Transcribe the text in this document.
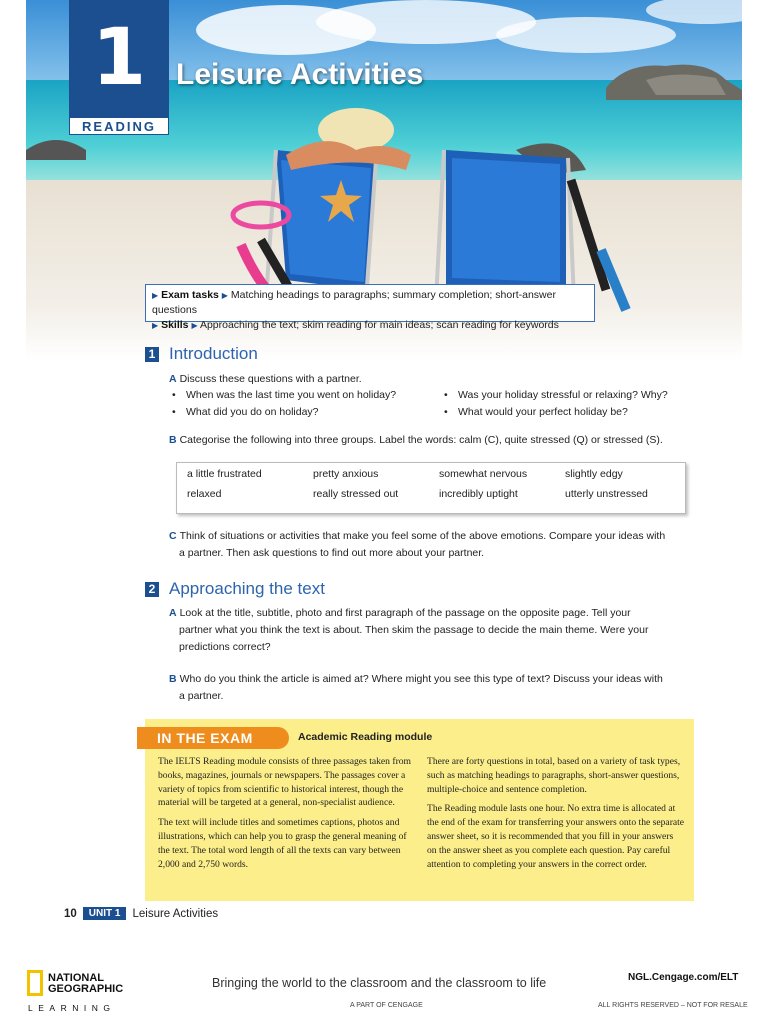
1
READING
Leisure Activities
▶ Exam tasks ▶ Matching headings to paragraphs; summary completion; short-answer questions
▶ Skills ▶ Approaching the text; skim reading for main ideas; scan reading for keywords
1 Introduction
A Discuss these questions with a partner.
• When was the last time you went on holiday?
• What did you do on holiday?
• Was your holiday stressful or relaxing? Why?
• What would your perfect holiday be?
B Categorise the following into three groups. Label the words: calm (C), quite stressed (Q) or stressed (S).
a little frustrated	pretty anxious	somewhat nervous	slightly edgy
relaxed	really stressed out	incredibly uptight	utterly unstressed
C Think of situations or activities that make you feel some of the above emotions. Compare your ideas with
a partner. Then ask questions to find out more about your partner.
2 Approaching the text
A Look at the title, subtitle, photo and first paragraph of the passage on the opposite page. Tell your
partner what you think the text is about. Then skim the passage to decide the main theme. Were your
predictions correct?
B Who do you think the article is aimed at? Where might you see this type of text? Discuss your ideas with
a partner.
IN THE EXAM	Academic Reading module

The IELTS Reading module consists of three passages taken from books, magazines, journals or newspapers. The passages cover a variety of topics from scientific to historical interest, though the material will be targeted at a general, non-specialist audience.

The text will include titles and sometimes captions, photos and illustrations, which can help you to grasp the general meaning of the text. The total word length of all the texts can vary between 2,000 and 2,750 words.

There are forty questions in total, based on a variety of task types, such as matching headings to paragraphs, short-answer questions, multiple-choice and sentence completion.

The Reading module lasts one hour. No extra time is allocated at the end of the exam for transferring your answers onto the separate answer sheet, so it is recommended that you fill in your answers on the answer sheet as you complete each question. Pay careful attention to completing your answers in the correct order.

10	UNIT 1	Leisure Activities
NATIONAL
GEOGRAPHIC
LEARNING
Bringing the world to the classroom and the classroom to life
A PART OF CENGAGE
NGL.Cengage.com/ELT
ALL RIGHTS RESERVED – NOT FOR RESALE
